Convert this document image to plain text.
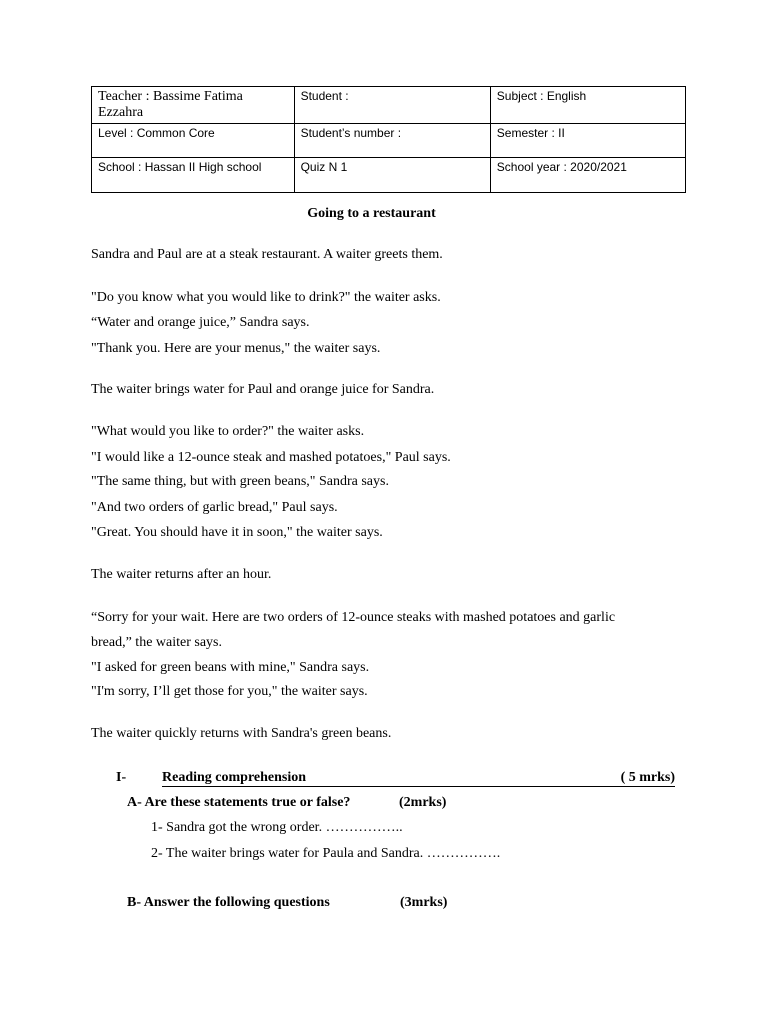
Teacher : Bassime Fatima Ezzahra	Student :	Subject : English
Level : Common Core	Student’s number :	Semester : II
School : Hassan II High school	Quiz N 1	School year : 2020/2021
Going to a restaurant
Sandra and Paul are at a steak restaurant. A waiter greets them.
"Do you know what you would like to drink?" the waiter asks.
“Water and orange juice,” Sandra says.
"Thank you. Here are your menus," the waiter says.
The waiter brings water for Paul and orange juice for Sandra.
"What would you like to order?" the waiter asks.
"I would like a 12-ounce steak and mashed potatoes," Paul says.
"The same thing, but with green beans," Sandra says.
"And two orders of garlic bread," Paul says.
"Great. You should have it in soon," the waiter says.
The waiter returns after an hour.
“Sorry for your wait. Here are two orders of 12-ounce steaks with mashed potatoes and garlic
bread,” the waiter says.
"I asked for green beans with mine," Sandra says.
"I'm sorry, I’ll get those for you," the waiter says.
The waiter quickly returns with Sandra's green beans.
I-	Reading comprehension	( 5 mrks)
A- Are these statements true or false?	(2mrks)
1- Sandra got the wrong order. ……………..
2- The waiter brings water for Paula and Sandra. …………….
B- Answer the following questions	(3mrks)
